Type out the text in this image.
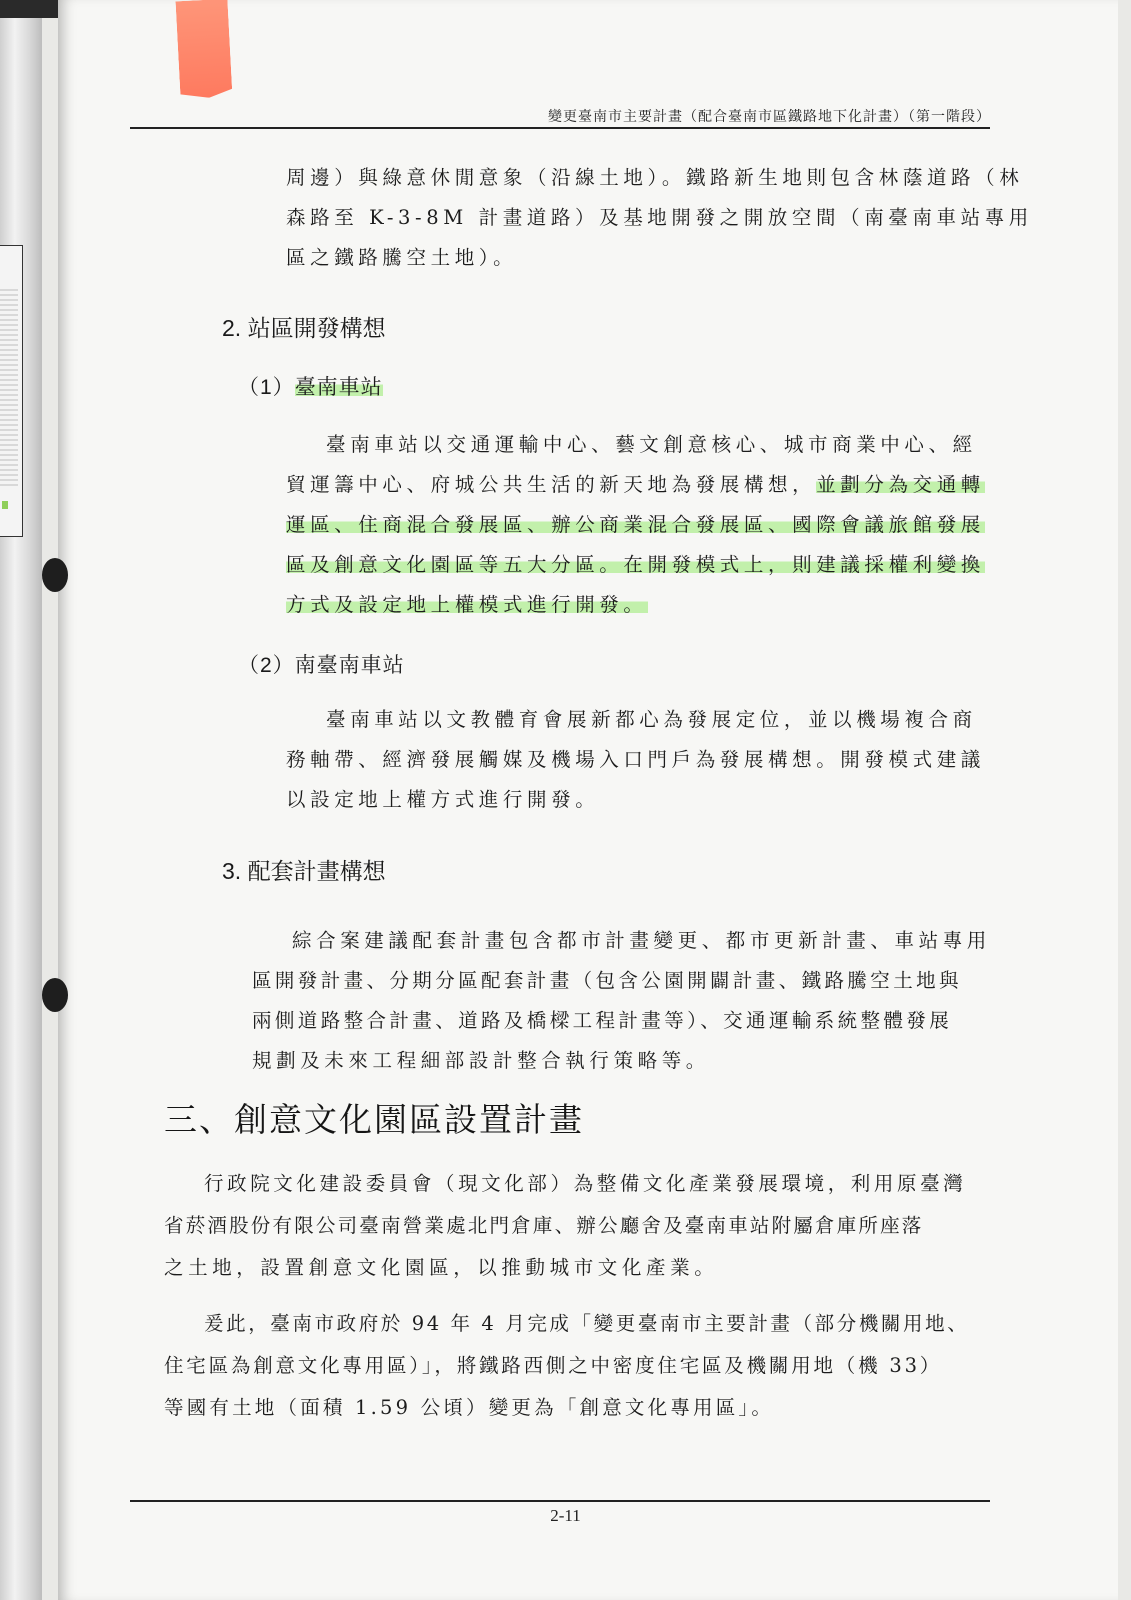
變更臺南市主要計畫（配合臺南市區鐵路地下化計畫）（第一階段）

周邊）與綠意休閒意象（沿線土地）。鐵路新生地則包含林蔭道路（林

森路至 K-3-8M 計畫道路）及基地開發之開放空間（南臺南車站專用

區之鐵路騰空土地）。

2. 站區開發構想
（1）臺南車站

臺南車站以交通運輸中心、藝文創意核心、城市商業中心、經

貿運籌中心、府城公共生活的新天地為發展構想，並劃分為交通轉

運區、住商混合發展區、辦公商業混合發展區、國際會議旅館發展

區及創意文化園區等五大分區。在開發模式上，則建議採權利變換

方式及設定地上權模式進行開發。

（2）南臺南車站

臺南車站以文教體育會展新都心為發展定位，並以機場複合商

務軸帶、經濟發展觸媒及機場入口門戶為發展構想。開發模式建議

以設定地上權方式進行開發。

3. 配套計畫構想

綜合案建議配套計畫包含都市計畫變更、都市更新計畫、車站專用

區開發計畫、分期分區配套計畫（包含公園開闢計畫、鐵路騰空土地與

兩側道路整合計畫、道路及橋樑工程計畫等）、交通運輸系統整體發展

規劃及未來工程細部設計整合執行策略等。

三、創意文化園區設置計畫

行政院文化建設委員會（現文化部）為整備文化產業發展環境，利用原臺灣

省菸酒股份有限公司臺南營業處北門倉庫、辦公廳舍及臺南車站附屬倉庫所座落

之土地，設置創意文化園區，以推動城市文化產業。

爰此，臺南市政府於 94 年 4 月完成「變更臺南市主要計畫（部分機關用地、

住宅區為創意文化專用區）」，將鐵路西側之中密度住宅區及機關用地（機 33）

等國有土地（面積 1.59 公頃）變更為「創意文化專用區」。

2-11
